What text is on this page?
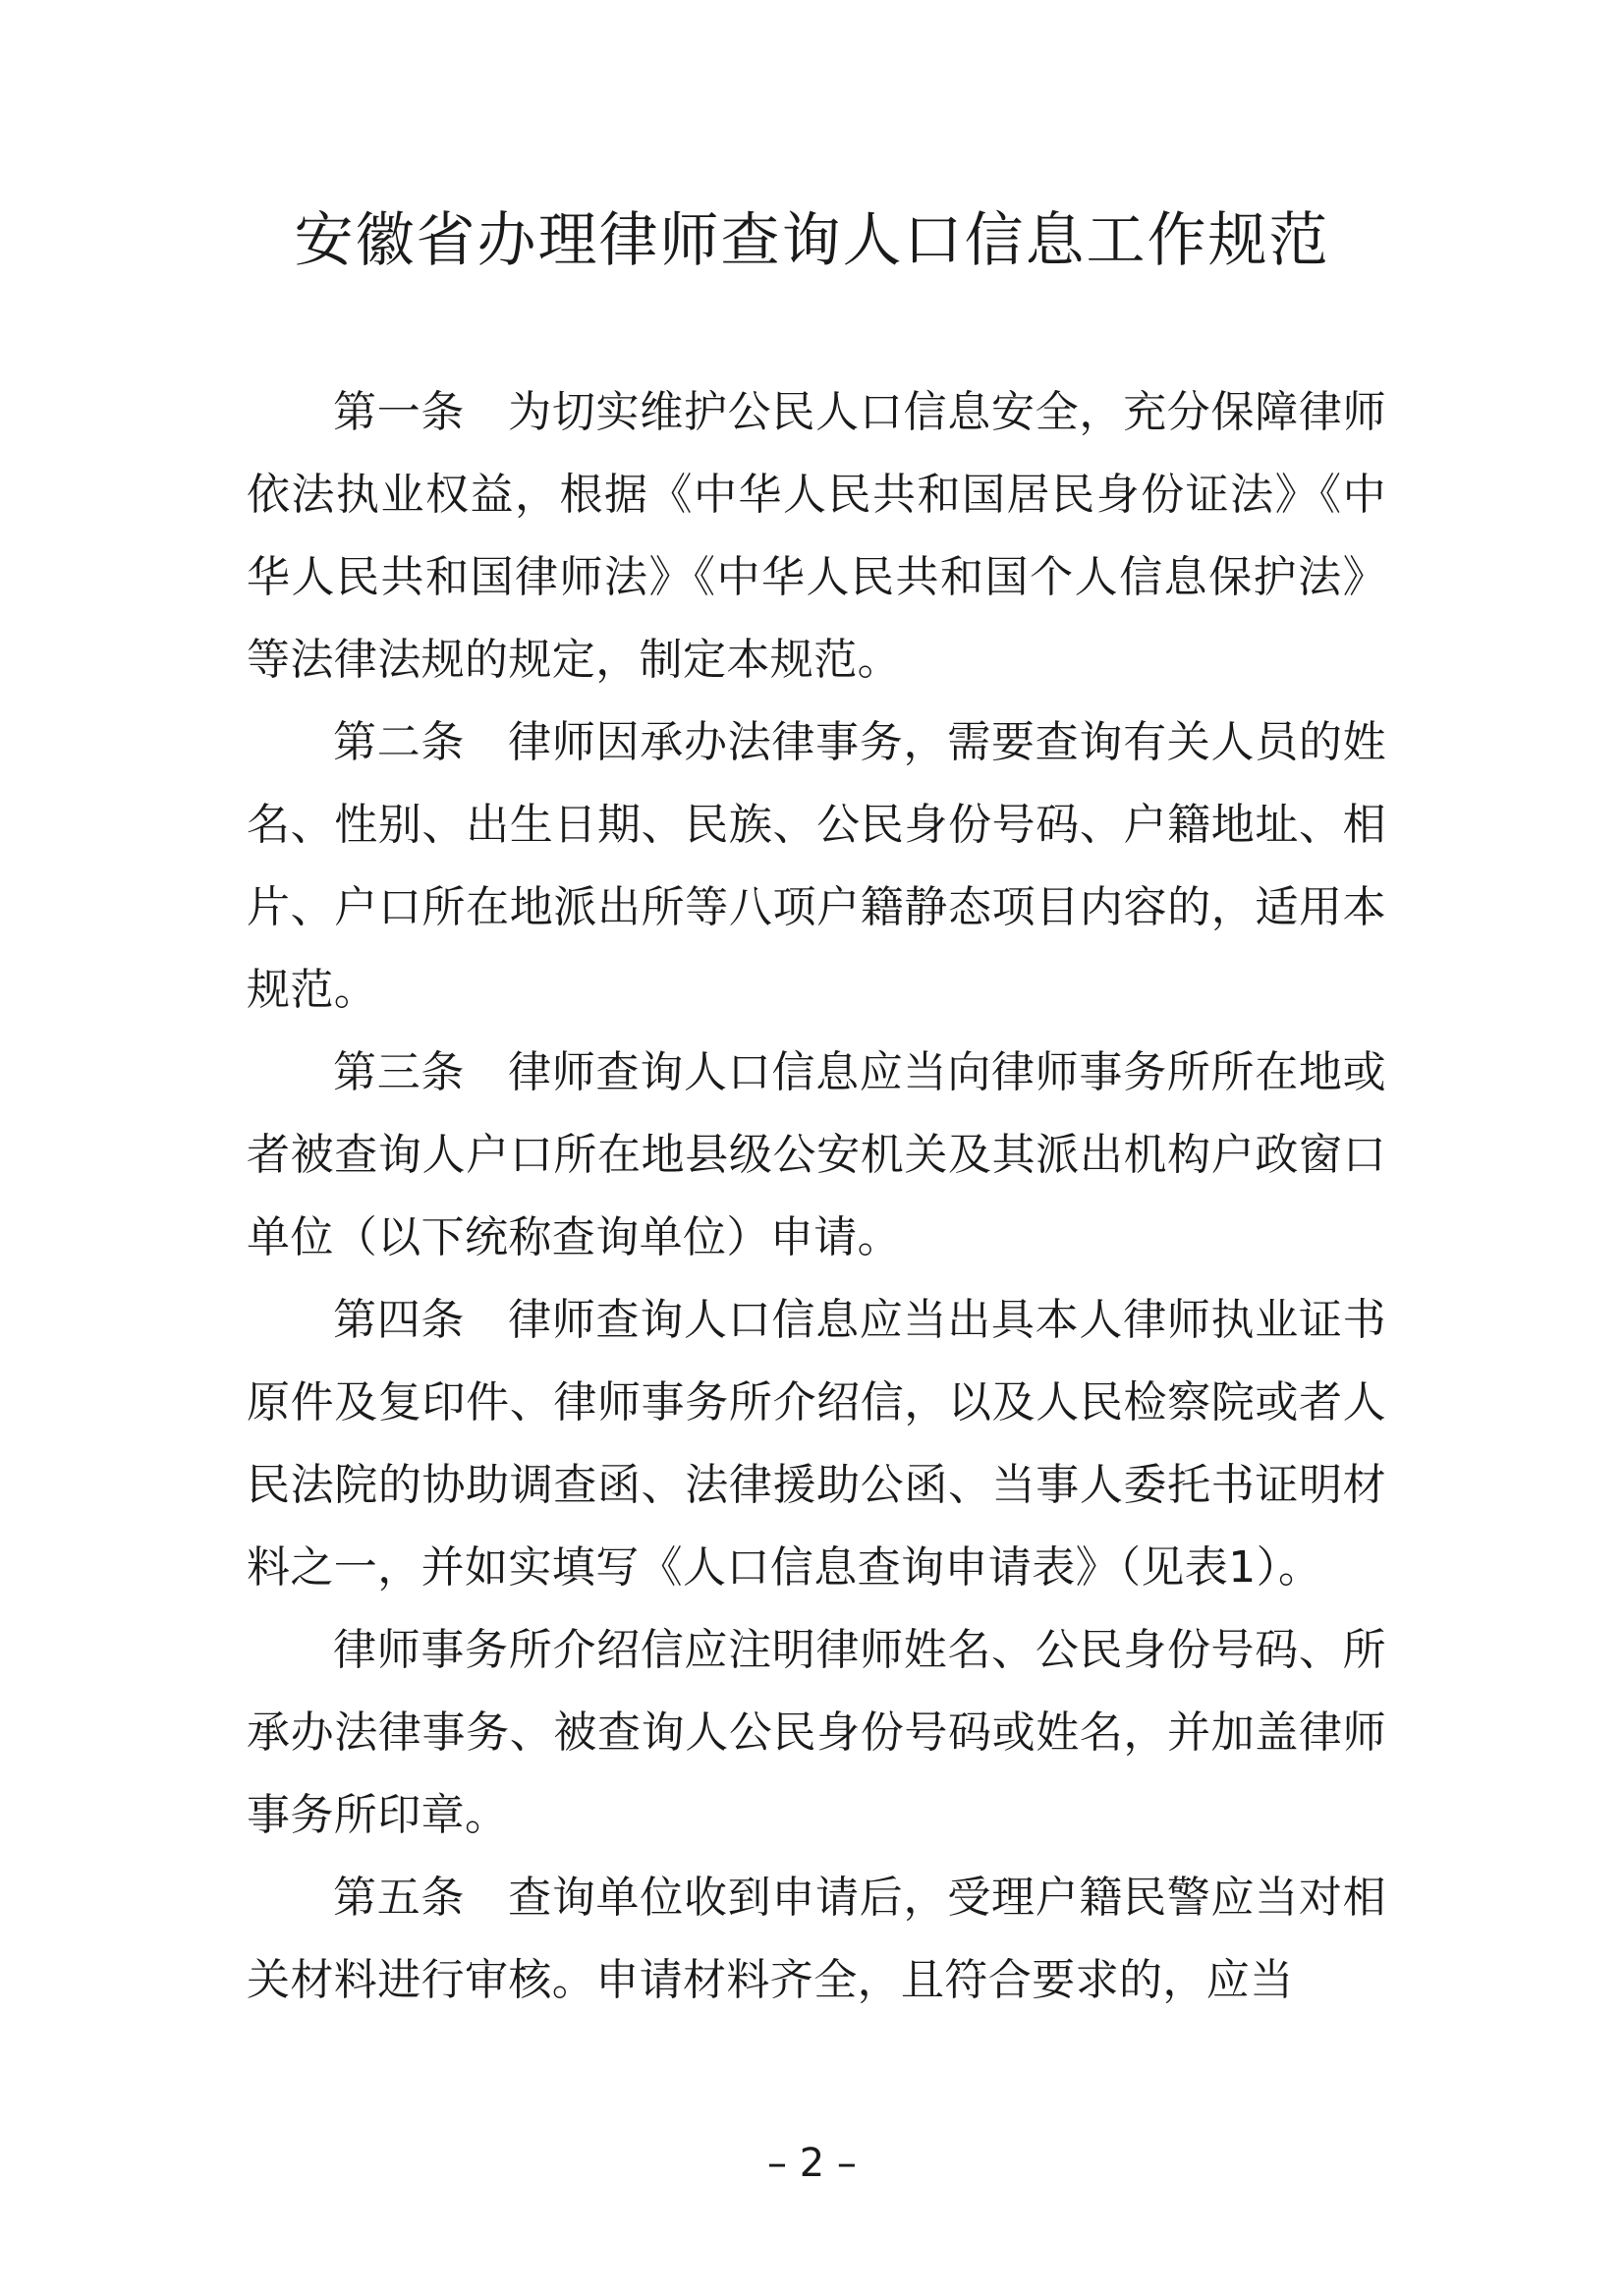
安徽省办理律师查询人口信息工作规范

第一条 为切实维护公民人口信息安全，充分保障律师依法执业权益，根据《中华人民共和国居民身份证法》《中华人民共和国律师法》《中华人民共和国个人信息保护法》等法律法规的规定，制定本规范。

第二条 律师因承办法律事务，需要查询有关人员的姓名、性别、出生日期、民族、公民身份号码、户籍地址、相片、户口所在地派出所等八项户籍静态项目内容的，适用本规范。

第三条 律师查询人口信息应当向律师事务所所在地或者被查询人户口所在地县级公安机关及其派出机构户政窗口单位（以下统称查询单位）申请。

第四条 律师查询人口信息应当出具本人律师执业证书原件及复印件、律师事务所介绍信，以及人民检察院或者人民法院的协助调查函、法律援助公函、当事人委托书证明材料之一，并如实填写《人口信息查询申请表》（见表1）。

律师事务所介绍信应注明律师姓名、公民身份号码、所承办法律事务、被查询人公民身份号码或姓名，并加盖律师事务所印章。

第五条 查询单位收到申请后，受理户籍民警应当对相关材料进行审核。申请材料齐全，且符合要求的，应当

– 2 –
